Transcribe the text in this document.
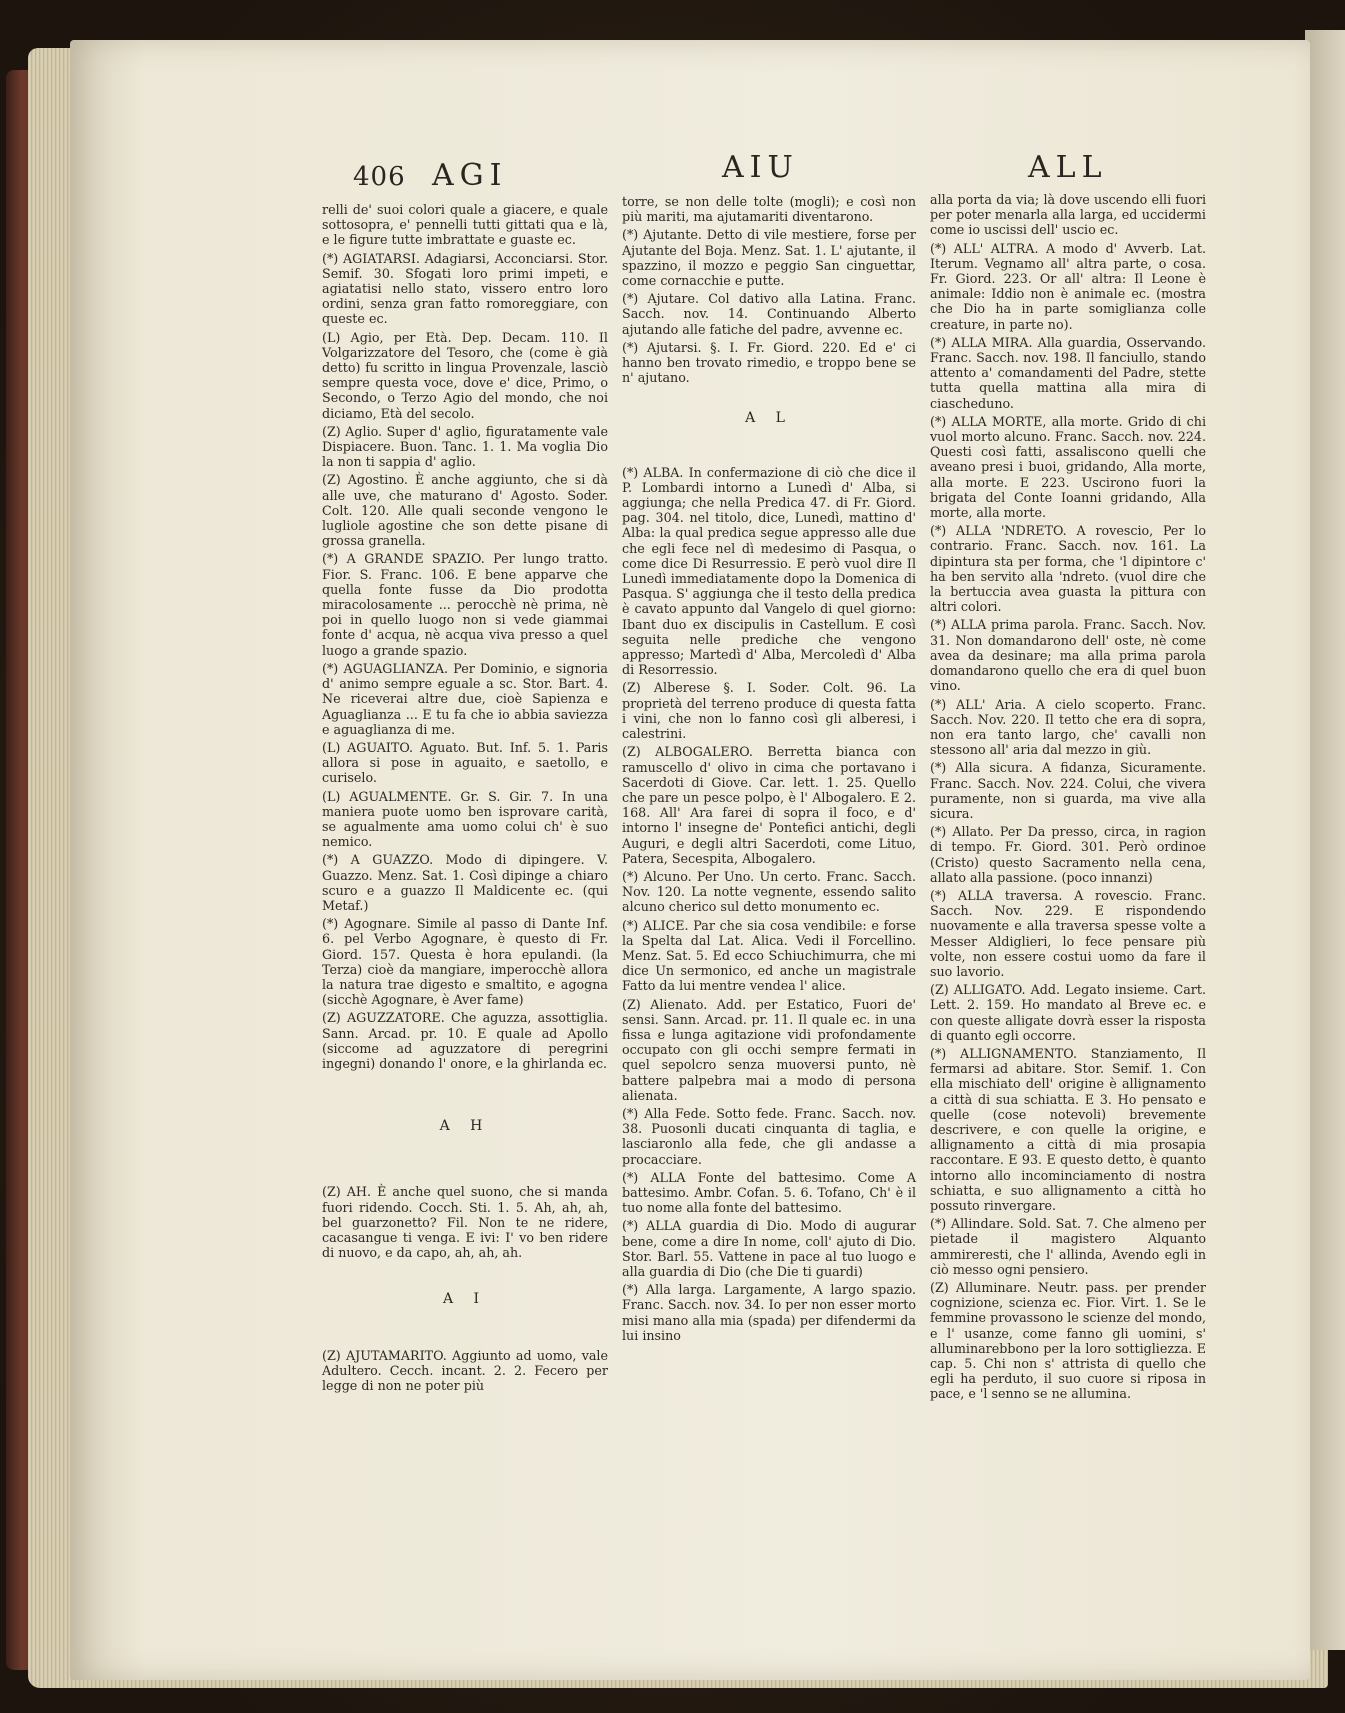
406 AGI	AIU	ALL

relli de' suoi colori quale a giacere, e quale sottosopra, e' pennelli tutti gittati qua e là, e le figure tutte imbrattate e guaste ec.

(*) AGIATARSI. Adagiarsi, Acconciarsi. Stor. Semif. 30. Sfogati loro primi impeti, e agiatatisi nello stato, vissero entro loro ordini, senza gran fatto romoreggiare, con queste ec.

(L) Agio, per Età. Dep. Decam. 110. Il Volgarizzatore del Tesoro, che (come è già detto) fu scritto in lingua Provenzale, lasciò sempre questa voce, dove e' dice, Primo, o Secondo, o Terzo Agio del mondo, che noi diciamo, Età del secolo.

(Z) Aglio. Super d' aglio, figuratamente vale Dispiacere. Buon. Tanc. 1. 1. Ma voglia Dio la non ti sappia d' aglio.

(Z) Agostino. È anche aggiunto, che si dà alle uve, che maturano d' Agosto. Soder. Colt. 120. Alle quali seconde vengono le lugliole agostine che son dette pisane di grossa granella.

(*) A GRANDE SPAZIO. Per lungo tratto. Fior. S. Franc. 106. E bene apparve che quella fonte fusse da Dio prodotta miracolosamente ... perocchè nè prima, nè poi in quello luogo non si vede giammai fonte d' acqua, nè acqua viva presso a quel luogo a grande spazio.

(*) AGUAGLIANZA. Per Dominio, e signoria d' animo sempre eguale a sc. Stor. Bart. 4. Ne riceverai altre due, cioè Sapienza e Aguaglianza ... E tu fa che io abbia saviezza e aguaglianza di me.

(L) AGUAITO. Aguato. But. Inf. 5. 1. Paris allora si pose in aguaito, e saetollo, e curiselo.

(L) AGUALMENTE. Gr. S. Gir. 7. In una maniera puote uomo ben isprovare carità, se agualmente ama uomo colui ch' è suo nemico.

(*) A GUAZZO. Modo di dipingere. V. Guazzo. Menz. Sat. 1. Così dipinge a chiaro scuro e a guazzo Il Maldicente ec. (qui Metaf.)

(*) Agognare. Simile al passo di Dante Inf. 6. pel Verbo Agognare, è questo di Fr. Giord. 157. Questa è hora epulandi. (la Terza) cioè da mangiare, imperocchè allora la natura trae digesto e smaltito, e agogna (sicchè Agognare, è Aver fame)

(Z) AGUZZATORE. Che aguzza, assottiglia. Sann. Arcad. pr. 10. E quale ad Apollo (siccome ad aguzzatore di peregrini ingegni) donando l' onore, e la ghirlanda ec.

A H

(Z) AH. È anche quel suono, che si manda fuori ridendo. Cocch. Sti. 1. 5. Ah, ah, ah, bel guarzonetto? Fil. Non te ne ridere, cacasangue ti venga. E ivi: I' vo ben ridere di nuovo, e da capo, ah, ah, ah.

A I

(Z) AJUTAMARITO. Aggiunto ad uomo, vale Adultero. Cecch. incant. 2. 2. Fecero per legge di non ne poter più

torre, se non delle tolte (mogli); e così non più mariti, ma ajutamariti diventarono.

(*) Ajutante. Detto di vile mestiere, forse per Ajutante del Boja. Menz. Sat. 1. L' ajutante, il spazzino, il mozzo e peggio San cinguettar, come cornacchie e putte.

(*) Ajutare. Col dativo alla Latina. Franc. Sacch. nov. 14. Continuando Alberto ajutando alle fatiche del padre, avvenne ec.

(*) Ajutarsi. §. I. Fr. Giord. 220. Ed e' ci hanno ben trovato rimedio, e troppo bene se n' ajutano.

A L

(*) ALBA. In confermazione di ciò che dice il P. Lombardi intorno a Lunedì d' Alba, si aggiunga; che nella Predica 47. di Fr. Giord. pag. 304. nel titolo, dice, Lunedì, mattino d' Alba: la qual predica segue appresso alle due che egli fece nel dì medesimo di Pasqua, o come dice Di Resurressio. E però vuol dire Il Lunedì immediatamente dopo la Domenica di Pasqua. S' aggiunga che il testo della predica è cavato appunto dal Vangelo di quel giorno: Ibant duo ex discipulis in Castellum. E così seguita nelle prediche che vengono appresso; Martedì d' Alba, Mercoledì d' Alba di Resorressio.

(Z) Alberese §. I. Soder. Colt. 96. La proprietà del terreno produce di questa fatta i vini, che non lo fanno così gli alberesi, i calestrini.

(Z) ALBOGALERO. Berretta bianca con ramuscello d' olivo in cima che portavano i Sacerdoti di Giove. Car. lett. 1. 25. Quello che pare un pesce polpo, è l' Albogalero. E 2. 168. All' Ara farei di sopra il foco, e d' intorno l' insegne de' Pontefici antichi, degli Auguri, e degli altri Sacerdoti, come Lituo, Patera, Secespita, Albogalero.

(*) Alcuno. Per Uno. Un certo. Franc. Sacch. Nov. 120. La notte vegnente, essendo salito alcuno cherico sul detto monumento ec.

(*) ALICE. Par che sia cosa vendibile: e forse la Spelta dal Lat. Alica. Vedi il Forcellino. Menz. Sat. 5. Ed ecco Schiuchimurra, che mi dice Un sermonico, ed anche un magistrale Fatto da lui mentre vendea l' alice.

(Z) Alienato. Add. per Estatico, Fuori de' sensi. Sann. Arcad. pr. 11. Il quale ec. in una fissa e lunga agitazione vidi profondamente occupato con gli occhi sempre fermati in quel sepolcro senza muoversi punto, nè battere palpebra mai a modo di persona alienata.

(*) Alla Fede. Sotto fede. Franc. Sacch. nov. 38. Puosonli ducati cinquanta di taglia, e lasciaronlo alla fede, che gli andasse a procacciare.

(*) ALLA Fonte del battesimo. Come A battesimo. Ambr. Cofan. 5. 6. Tofano, Ch' è il tuo nome alla fonte del battesimo.

(*) ALLA guardia di Dio. Modo di augurar bene, come a dire In nome, coll' ajuto di Dio. Stor. Barl. 55. Vattene in pace al tuo luogo e alla guardia di Dio (che Die ti guardi)

(*) Alla larga. Largamente, A largo spazio. Franc. Sacch. nov. 34. Io per non esser morto misi mano alla mia (spada) per difendermi da lui insino

alla porta da via; là dove uscendo elli fuori per poter menarla alla larga, ed uccidermi come io uscissi dell' uscio ec.

(*) ALL' ALTRA. A modo d' Avverb. Lat. Iterum. Vegnamo all' altra parte, o cosa. Fr. Giord. 223. Or all' altra: Il Leone è animale: Iddio non è animale ec. (mostra che Dio ha in parte somiglianza colle creature, in parte no).

(*) ALLA MIRA. Alla guardia, Osservando. Franc. Sacch. nov. 198. Il fanciullo, stando attento a' comandamenti del Padre, stette tutta quella mattina alla mira di ciascheduno.

(*) ALLA MORTE, alla morte. Grido di chi vuol morto alcuno. Franc. Sacch. nov. 224. Questi così fatti, assaliscono quelli che aveano presi i buoi, gridando, Alla morte, alla morte. E 223. Uscirono fuori la brigata del Conte Ioanni gridando, Alla morte, alla morte.

(*) ALLA 'NDRETO. A rovescio, Per lo contrario. Franc. Sacch. nov. 161. La dipintura sta per forma, che 'l dipintore c' ha ben servito alla 'ndreto. (vuol dire che la bertuccia avea guasta la pittura con altri colori.

(*) ALLA prima parola. Franc. Sacch. Nov. 31. Non domandarono dell' oste, nè come avea da desinare; ma alla prima parola domandarono quello che era di quel buon vino.

(*) ALL' Aria. A cielo scoperto. Franc. Sacch. Nov. 220. Il tetto che era di sopra, non era tanto largo, che' cavalli non stessono all' aria dal mezzo in giù.

(*) Alla sicura. A fidanza, Sicuramente. Franc. Sacch. Nov. 224. Colui, che vivera puramente, non si guarda, ma vive alla sicura.

(*) Allato. Per Da presso, circa, in ragion di tempo. Fr. Giord. 301. Però ordinoe (Cristo) questo Sacramento nella cena, allato alla passione. (poco innanzi)

(*) ALLA traversa. A rovescio. Franc. Sacch. Nov. 229. E rispondendo nuovamente e alla traversa spesse volte a Messer Aldiglieri, lo fece pensare più volte, non essere costui uomo da fare il suo lavorio.

(Z) ALLIGATO. Add. Legato insieme. Cart. Lett. 2. 159. Ho mandato al Breve ec. e con queste alligate dovrà esser la risposta di quanto egli occorre.

(*) ALLIGNAMENTO. Stanziamento, Il fermarsi ad abitare. Stor. Semif. 1. Con ella mischiato dell' origine è allignamento a città di sua schiatta. E 3. Ho pensato e quelle (cose notevoli) brevemente descrivere, e con quelle la origine, e allignamento a città di mia prosapia raccontare. E 93. E questo detto, è quanto intorno allo incominciamento di nostra schiatta, e suo allignamento a città ho possuto rinvergare.

(*) Allindare. Sold. Sat. 7. Che almeno per pietade il magistero Alquanto ammireresti, che l' allinda, Avendo egli in ciò messo ogni pensiero.

(Z) Alluminare. Neutr. pass. per prender cognizione, scienza ec. Fior. Virt. 1. Se le femmine provassono le scienze del mondo, e l' usanze, come fanno gli uomini, s' alluminarebbono per la loro sottigliezza. E cap. 5. Chi non s' attrista di quello che egli ha perduto, il suo cuore si riposa in pace, e 'l senno se ne allumina.
